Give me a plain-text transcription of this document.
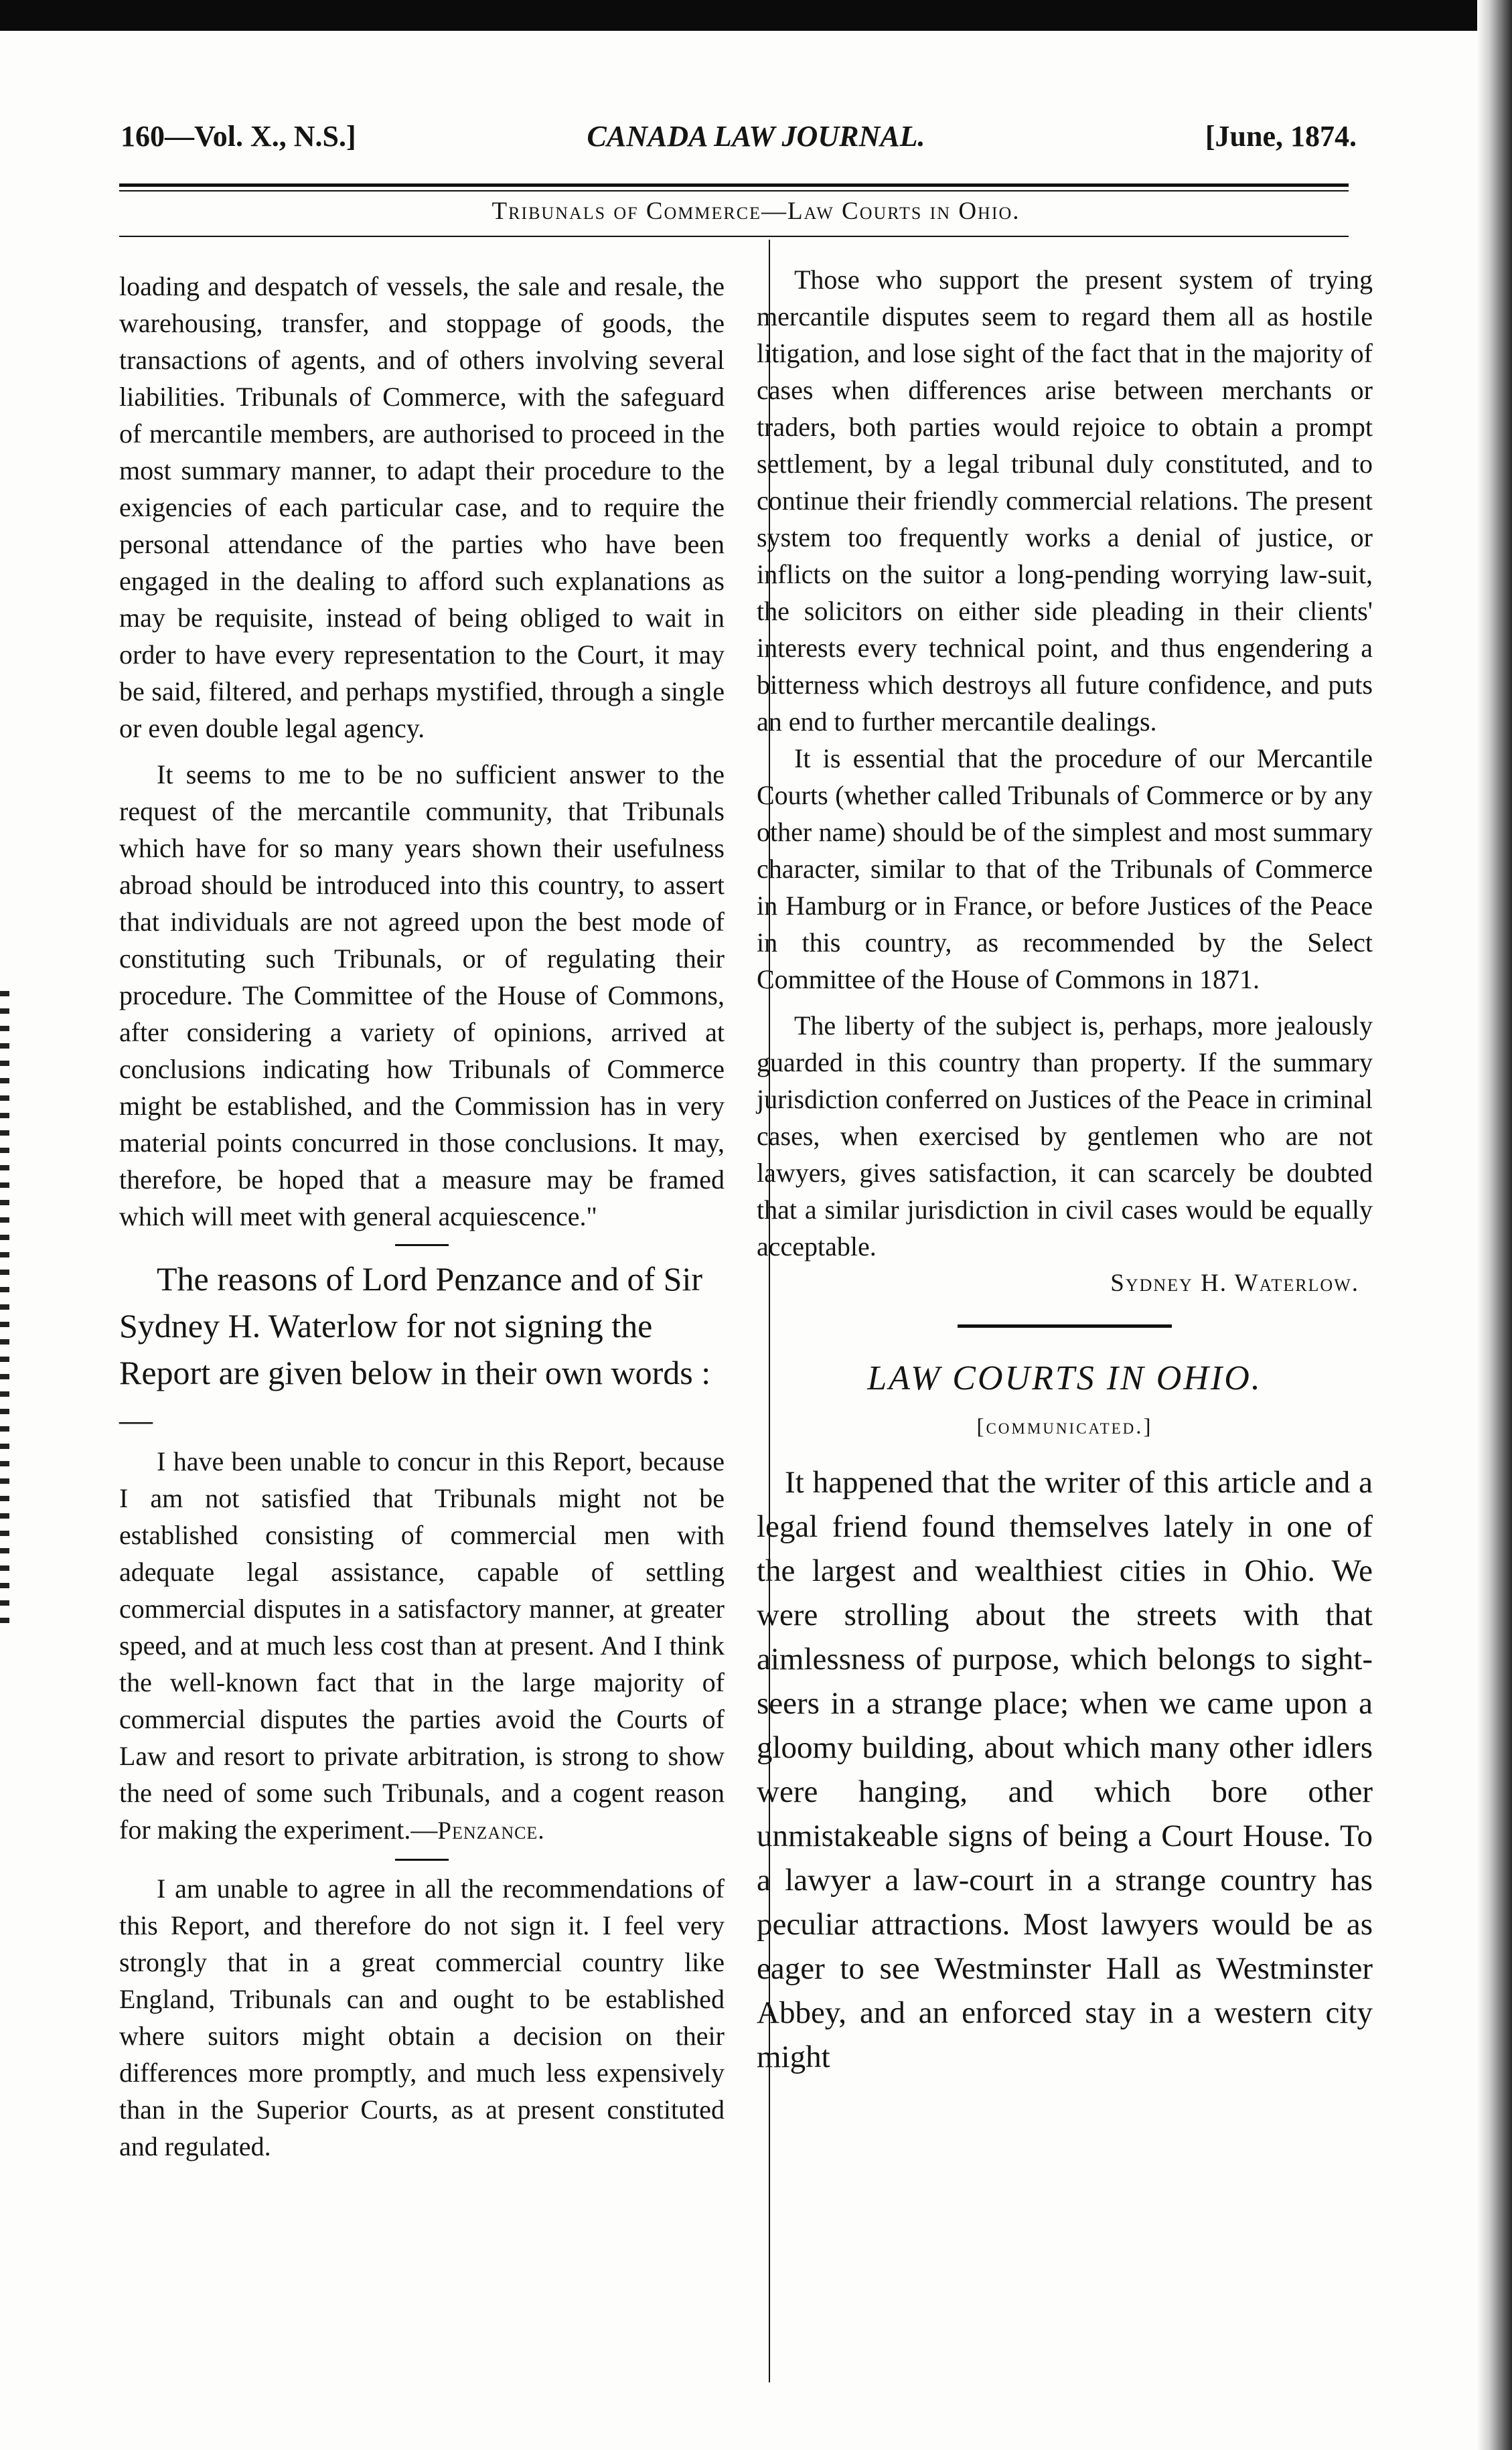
160—Vol. X., N.S.]	CANADA LAW JOURNAL.	[June, 1874.
Tribunals of Commerce—Law Courts in Ohio.

loading and despatch of vessels, the sale and resale, the warehousing, transfer, and stoppage of goods, the transactions of agents, and of others involving several liabilities. Tribunals of Commerce, with the safeguard of mercantile members, are authorised to proceed in the most summary manner, to adapt their procedure to the exigencies of each particular case, and to require the personal attendance of the parties who have been engaged in the dealing to afford such explanations as may be requisite, instead of being obliged to wait in order to have every representation to the Court, it may be said, filtered, and perhaps mystified, through a single or even double legal agency.

It seems to me to be no sufficient answer to the request of the mercantile community, that Tribunals which have for so many years shown their usefulness abroad should be introduced into this country, to assert that individuals are not agreed upon the best mode of constituting such Tribunals, or of regulating their procedure. The Committee of the House of Commons, after considering a variety of opinions, arrived at conclusions indicating how Tribunals of Commerce might be established, and the Commission has in very material points concurred in those conclusions. It may, therefore, be hoped that a measure may be framed which will meet with general acquiescence."

The reasons of Lord Penzance and of Sir Sydney H. Waterlow for not signing the Report are given below in their own words :—

I have been unable to concur in this Report, because I am not satisfied that Tribunals might not be established consisting of commercial men with adequate legal assistance, capable of settling commercial disputes in a satisfactory manner, at greater speed, and at much less cost than at present. And I think the well-known fact that in the large majority of commercial disputes the parties avoid the Courts of Law and resort to private arbitration, is strong to show the need of some such Tribunals, and a cogent reason for making the experiment.—Penzance.

I am unable to agree in all the recommendations of this Report, and therefore do not sign it. I feel very strongly that in a great commercial country like England, Tribunals can and ought to be established where suitors might obtain a decision on their differences more promptly, and much less expensively than in the Superior Courts, as at present constituted and regulated.

Those who support the present system of trying mercantile disputes seem to regard them all as hostile litigation, and lose sight of the fact that in the majority of cases when differences arise between merchants or traders, both parties would rejoice to obtain a prompt settlement, by a legal tribunal duly constituted, and to continue their friendly commercial relations. The present system too frequently works a denial of justice, or inflicts on the suitor a long-pending worrying law-suit, the solicitors on either side pleading in their clients' interests every technical point, and thus engendering a bitterness which destroys all future confidence, and puts an end to further mercantile dealings.

It is essential that the procedure of our Mercantile Courts (whether called Tribunals of Commerce or by any other name) should be of the simplest and most summary character, similar to that of the Tribunals of Commerce in Hamburg or in France, or before Justices of the Peace in this country, as recommended by the Select Committee of the House of Commons in 1871.

The liberty of the subject is, perhaps, more jealously guarded in this country than property. If the summary jurisdiction conferred on Justices of the Peace in criminal cases, when exercised by gentlemen who are not lawyers, gives satisfaction, it can scarcely be doubted that a similar jurisdiction in civil cases would be equally acceptable.

Sydney H. Waterlow.

LAW COURTS IN OHIO.
[communicated.]

It happened that the writer of this article and a legal friend found themselves lately in one of the largest and wealthiest cities in Ohio. We were strolling about the streets with that aimlessness of purpose, which belongs to sight-seers in a strange place; when we came upon a gloomy building, about which many other idlers were hanging, and which bore other unmistakeable signs of being a Court House. To a lawyer a law-court in a strange country has peculiar attractions. Most lawyers would be as eager to see Westminster Hall as Westminster Abbey, and an enforced stay in a western city might
